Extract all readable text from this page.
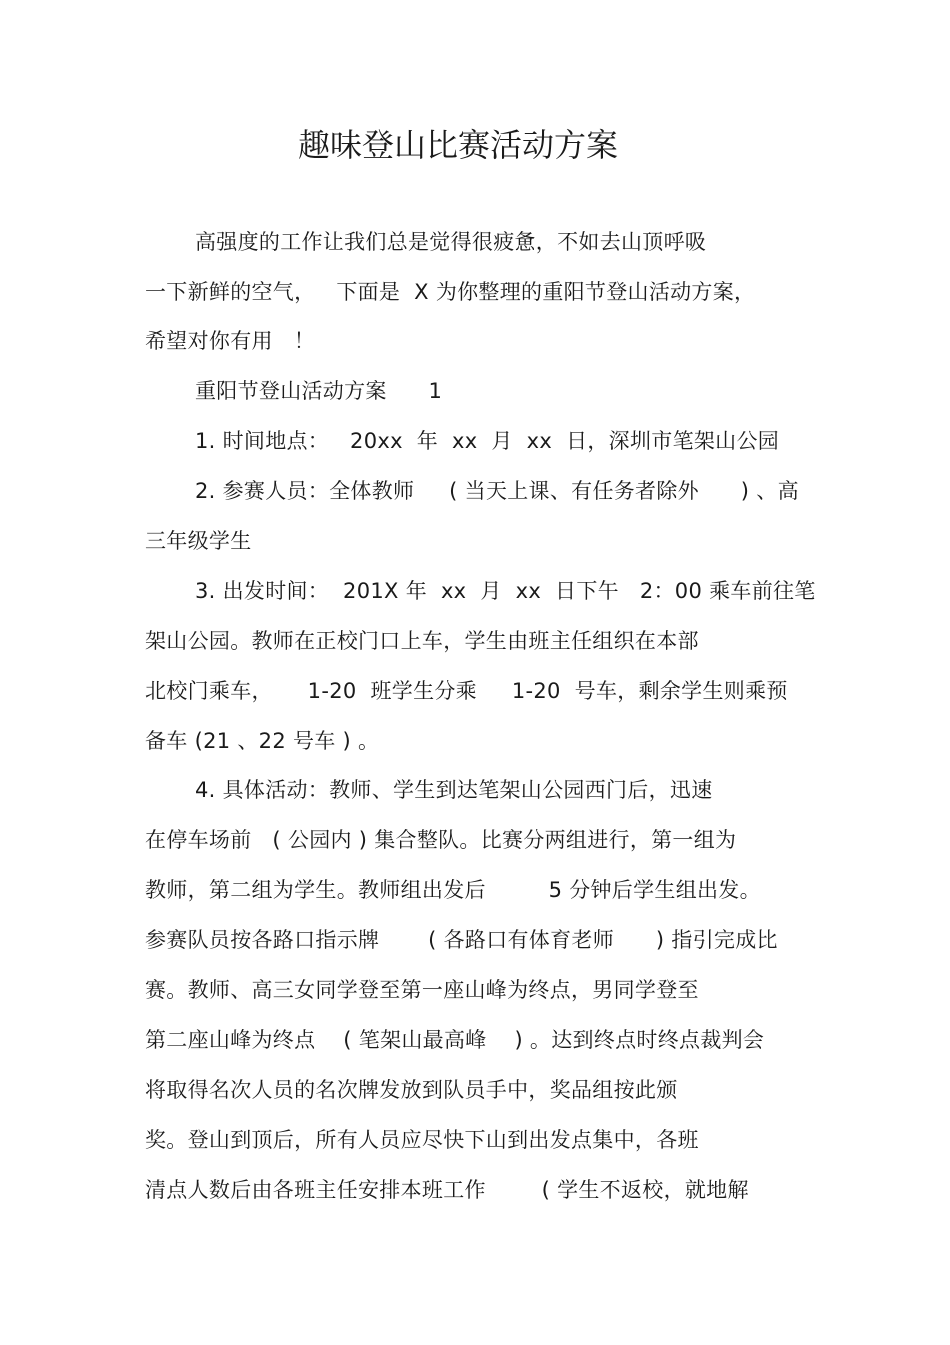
趣味登山比赛活动方案
高强度的工作让我们总是觉得很疲惫，不如去山顶呼吸
一下新鲜的空气，   下面是  X 为你整理的重阳节登山活动方案，
希望对你有用   ！
重阳节登山活动方案      1
1. 时间地点：   20xx  年  xx  月  xx  日，深圳市笔架山公园
2. 参赛人员：全体教师     ( 当天上课、有任务者除外      ) 、高
三年级学生
3. 出发时间：  201X 年  xx  月  xx  日下午   2：00 乘车前往笔
架山公园。教师在正校门口上车，学生由班主任组织在本部
北校门乘车，     1-20  班学生分乘     1-20  号车，剩余学生则乘预
备车 (21 、22 号车 ) 。
4. 具体活动：教师、学生到达笔架山公园西门后，迅速
在停车场前   ( 公园内 ) 集合整队。比赛分两组进行，第一组为
教师，第二组为学生。教师组出发后         5 分钟后学生组出发。
参赛队员按各路口指示牌       ( 各路口有体育老师      ) 指引完成比
赛。教师、高三女同学登至第一座山峰为终点，男同学登至
第二座山峰为终点    ( 笔架山最高峰    ) 。达到终点时终点裁判会
将取得名次人员的名次牌发放到队员手中，奖品组按此颁
奖。登山到顶后，所有人员应尽快下山到出发点集中，各班
清点人数后由各班主任安排本班工作        ( 学生不返校，就地解
